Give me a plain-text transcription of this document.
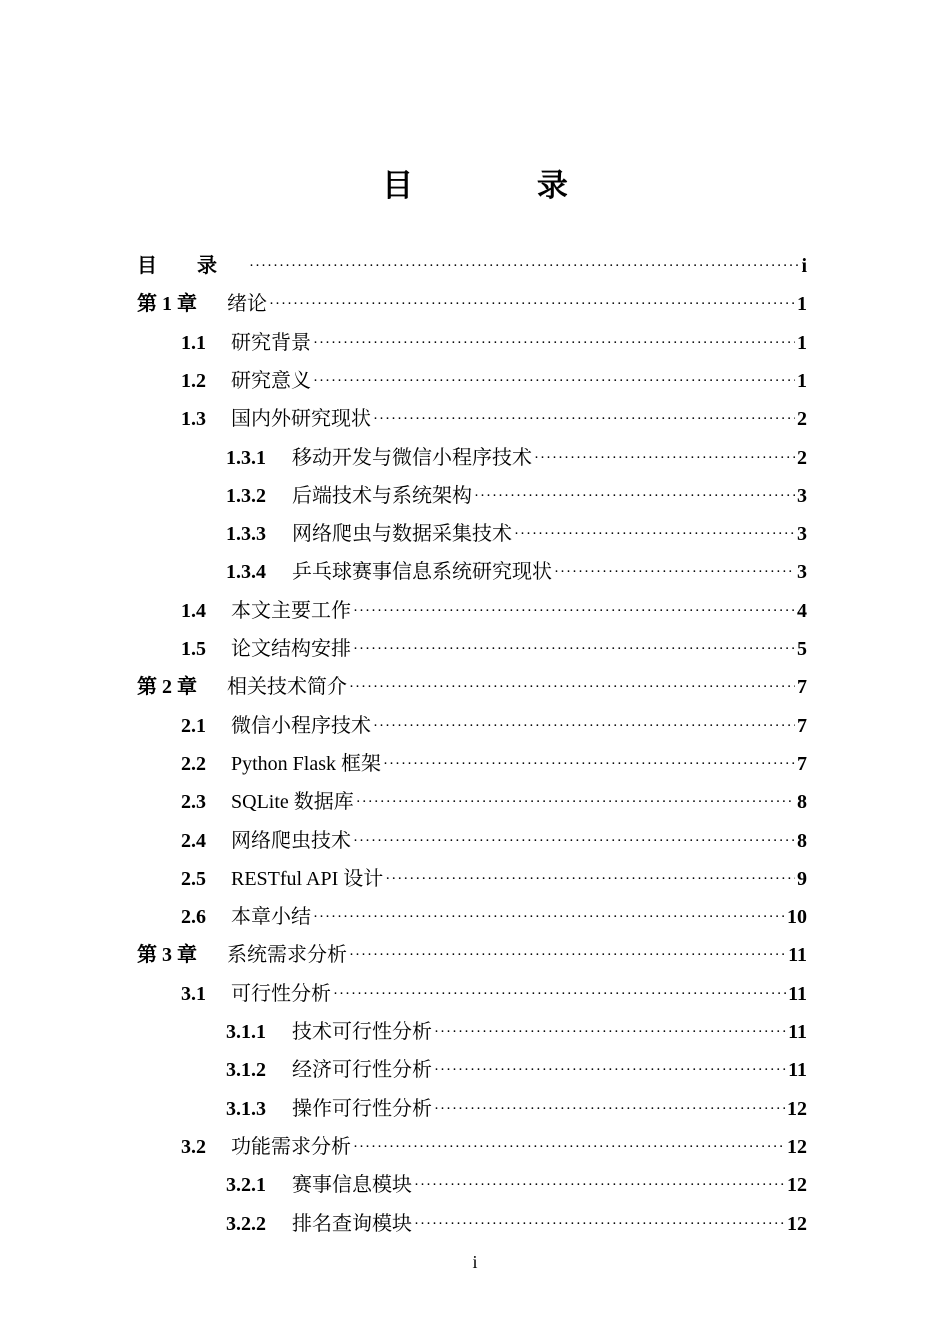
目 录
目　　录 ·····	i
第 1 章 绪论 ·····	1
1.1	研究背景 ·····	1
1.2	研究意义 ·····	1
1.3	国内外研究现状 ·····	2
1.3.1	移动开发与微信小程序技术 ·····	2
1.3.2	后端技术与系统架构 ·····	3
1.3.3	网络爬虫与数据采集技术 ·····	3
1.3.4	乒乓球赛事信息系统研究现状 ·····	3
1.4	本文主要工作 ·····	4
1.5	论文结构安排 ·····	5
第 2 章 相关技术简介 ·····	7
2.1	微信小程序技术 ·····	7
2.2	Python Flask 框架 ·····	7
2.3	SQLite 数据库 ·····	8
2.4	网络爬虫技术 ·····	8
2.5	RESTful API 设计 ·····	9
2.6	本章小结 ·····	10
第 3 章 系统需求分析 ·····	11
3.1	可行性分析 ·····	11
3.1.1	技术可行性分析 ·····	11
3.1.2	经济可行性分析 ·····	11
3.1.3	操作可行性分析 ·····	12
3.2	功能需求分析 ·····	12
3.2.1	赛事信息模块 ·····	12
3.2.2	排名查询模块 ·····	12
i
